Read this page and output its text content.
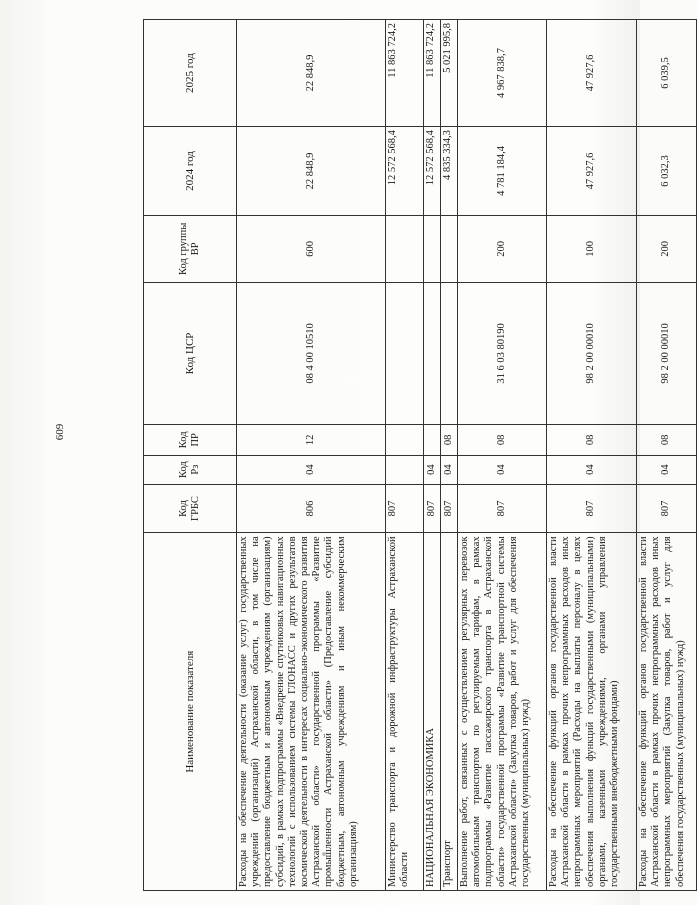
609
Наименование показателя	Код ГРБС	Код Рз	Код ПР	Код ЦСР	Код группы ВР	2024 год	2025 год
Расходы на обеспечение деятельности (оказание услуг) государственных учреждений (организаций) Астраханской области, в том числе на предоставление бюджетным и автономным учреждениям (организациям) субсидий, в рамках подпрограммы «Внедрение спутниковых навигационных технологий с использованием системы ГЛОНАСС и других результатов космической деятельности в интересах социально-экономического развития Астраханской области» государственной программы «Развитие промышленности Астраханской области» (Предоставление субсидий бюджетным, автономным учреждениям и иным некоммерческим организациям)	806	04	12	08 4 00 10510	600	22 848,9	22 848,9
Министерство транспорта и дорожной инфраструктуры Астраханской области	807					12 572 568,4	11 863 724,2
НАЦИОНАЛЬНАЯ ЭКОНОМИКА	807	04				12 572 568,4	11 863 724,2
Транспорт	807	04	08			4 835 334,3	5 021 995,8
Выполнение работ, связанных с осуществлением регулярных перевозок автомобильным транспортом по регулируемым тарифам, в рамках подпрограммы «Развитие пассажирского транспорта в Астраханской области» государственной программы «Развитие транспортной системы Астраханской области» (Закупка товаров, работ и услуг для обеспечения государственных (муниципальных) нужд)	807	04	08	31 6 03 80190	200	4 781 184,4	4 967 838,7
Расходы на обеспечение функций органов государственной власти Астраханской области в рамках прочих непрограммных расходов иных непрограммных мероприятий (Расходы на выплаты персоналу в целях обеспечения выполнения функций государственными (муниципальными) органами, казенными учреждениями, органами управления государственными внебюджетными фондами)	807	04	08	98 2 00 00010	100	47 927,6	47 927,6
Расходы на обеспечение функций органов государственной власти Астраханской области в рамках прочих непрограммных расходов иных непрограммных мероприятий (Закупка товаров, работ и услуг для обеспечения государственных (муниципальных) нужд)	807	04	08	98 2 00 00010	200	6 032,3	6 039,5
